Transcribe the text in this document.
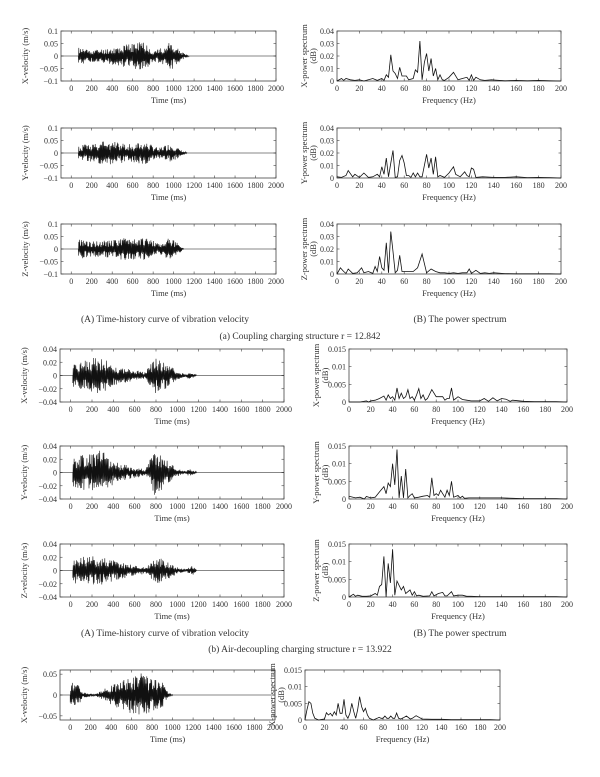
0 200 400 600 800 1000 1200 1400 1600 1800 2000
−0.1
−0.05
0
0.05
0.1
Time (ms)
X-velocity (m/s)
0 20 40 60 80 100 120 140 160 180 200
0
0.01
0.02
0.03
0.04
Frequency (Hz)
X-power spectrum (dB)
0 200 400 600 800 1000 1200 1400 1600 1800 2000
−0.1
−0.05
0
0.05
0.1
Time (ms)
Y-velocity (m/s)
0 20 40 60 80 100 120 140 160 180 200
0
0.01
0.02
0.03
0.04
Frequency (Hz)
Y-power spectrum (dB)
0 200 400 600 800 1000 1200 1400 1600 1800 2000
−0.1
−0.05
0
0.05
0.1
Time (ms)
Z-velocity (m/s)
0 20 40 60 80 100 120 140 160 180 200
0
0.01
0.02
0.03
0.04
Frequency (Hz)
Z-power spectrum (dB)
0 200 400 600 800 1000 1200 1400 1600 1800 2000
−0.04
−0.02
0
0.02
0.04
Time (ms)
X-velocity (m/s)
0 20 40 60 80 100 120 140 160 180 200
0
0.005
0.01
0.015
Frequency (Hz)
X-power spectrum (dB)
0 200 400 600 800 1000 1200 1400 1600 1800 2000
−0.04
−0.02
0
0.02
0.04
Time (ms)
Y-velocity (m/s)
0 20 40 60 80 100 120 140 160 180 200
0
0.005
0.01
0.015
Frequency (Hz)
Y-power spectrum (dB)
0 200 400 600 800 1000 1200 1400 1600 1800 2000
−0.04
−0.02
0
0.02
0.04
Time (ms)
Z-velocity (m/s)
0 20 40 60 80 100 120 140 160 180 200
0
0.005
0.01
0.015
Frequency (Hz)
Z-power spectrum (dB)
0 200 400 600 800 1000 1200 1400 1600 1800 2000
−0.05
0
0.05
Time (ms)
X-velocity (m/s)
0 20 40 60 80 100 120 140 160 180 200
0
0.005
0.01
0.015
Frequency (Hz)
X-power spectrum (dB)
(A) Time-history curve of vibration velocity	(B) The power spectrum
(a) Coupling charging structure r = 12.842
(A) Time-history curve of vibration velocity	(B) The power spectrum
(b) Air-decoupling charging structure r = 13.922
